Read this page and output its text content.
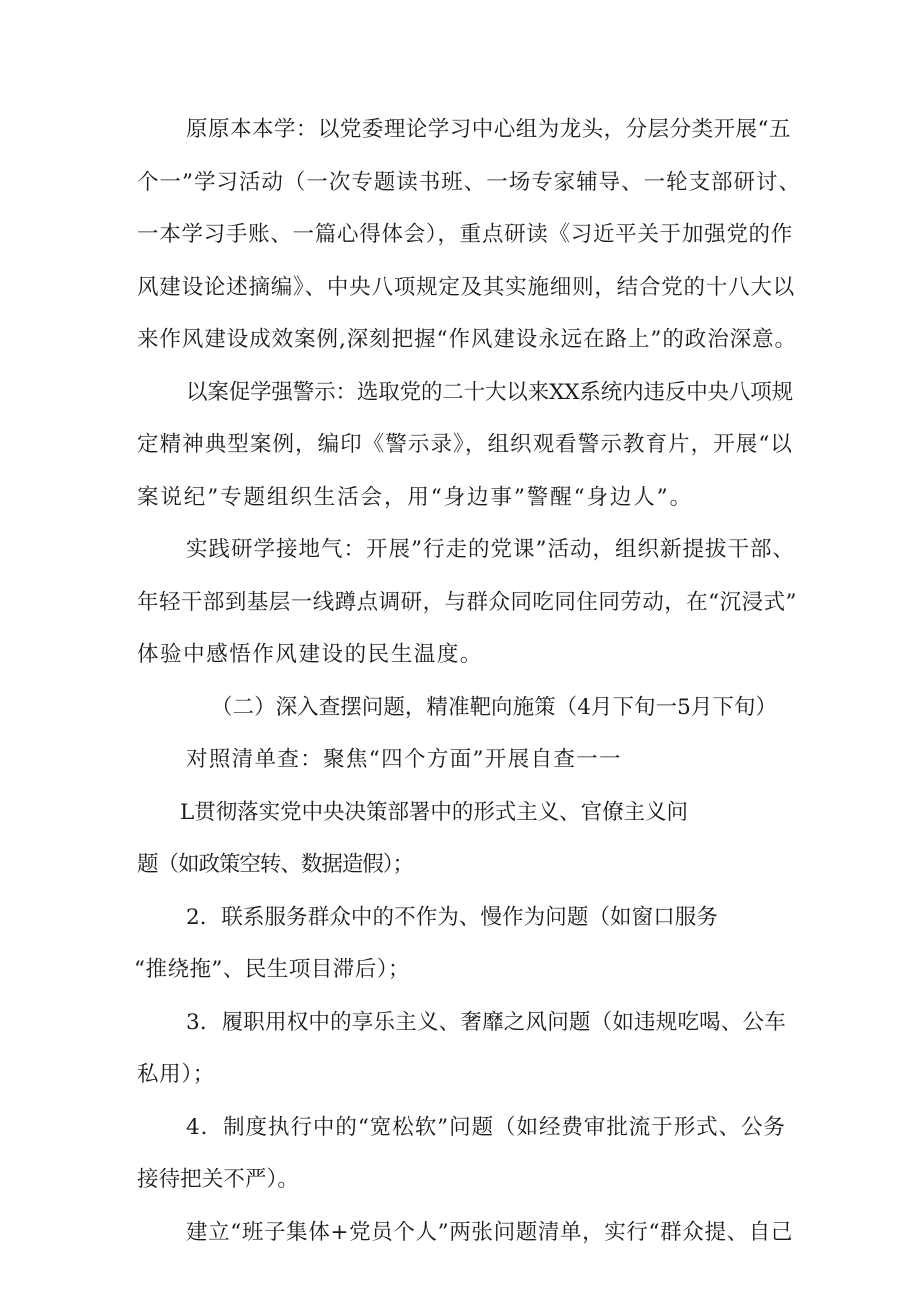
原原本本学：以党委理论学习中心组为龙头，分层分类开展“五
个一”学习活动（一次专题读书班、一场专家辅导、一轮支部研讨、
一本学习手账、一篇心得体会），重点研读《习近平关于加强党的作
风建设论述摘编》、中央八项规定及其实施细则，结合党的十八大以
来作风建设成效案例,深刻把握“作风建设永远在路上”的政治深意。
以案促学强警示：选取党的二十大以来XX系统内违反中央八项规
定精神典型案例，编印《警示录》，组织观看警示教育片，开展“以
案说纪”专题组织生活会，用“身边事”警醒“身边人”。
实践研学接地气：开展”行走的党课”活动，组织新提拔干部、
年轻干部到基层一线蹲点调研，与群众同吃同住同劳动，在“沉浸式”
体验中感悟作风建设的民生温度。
（二）深入查摆问题，精准靶向施策（4月下旬一5月下旬）
对照清单查：聚焦“四个方面”开展自查一一
L贯彻落实党中央决策部署中的形式主义、官僚主义问
题（如政策空转、数据造假）；
2．联系服务群众中的不作为、慢作为问题（如窗口服务
“推绕拖”、民生项目滞后）；
3．履职用权中的享乐主义、奢靡之风问题（如违规吃喝、公车
私用）；
4．制度执行中的“宽松软”问题（如经费审批流于形式、公务
接待把关不严）。
建立“班子集体+党员个人”两张问题清单，实行“群众提、自己
